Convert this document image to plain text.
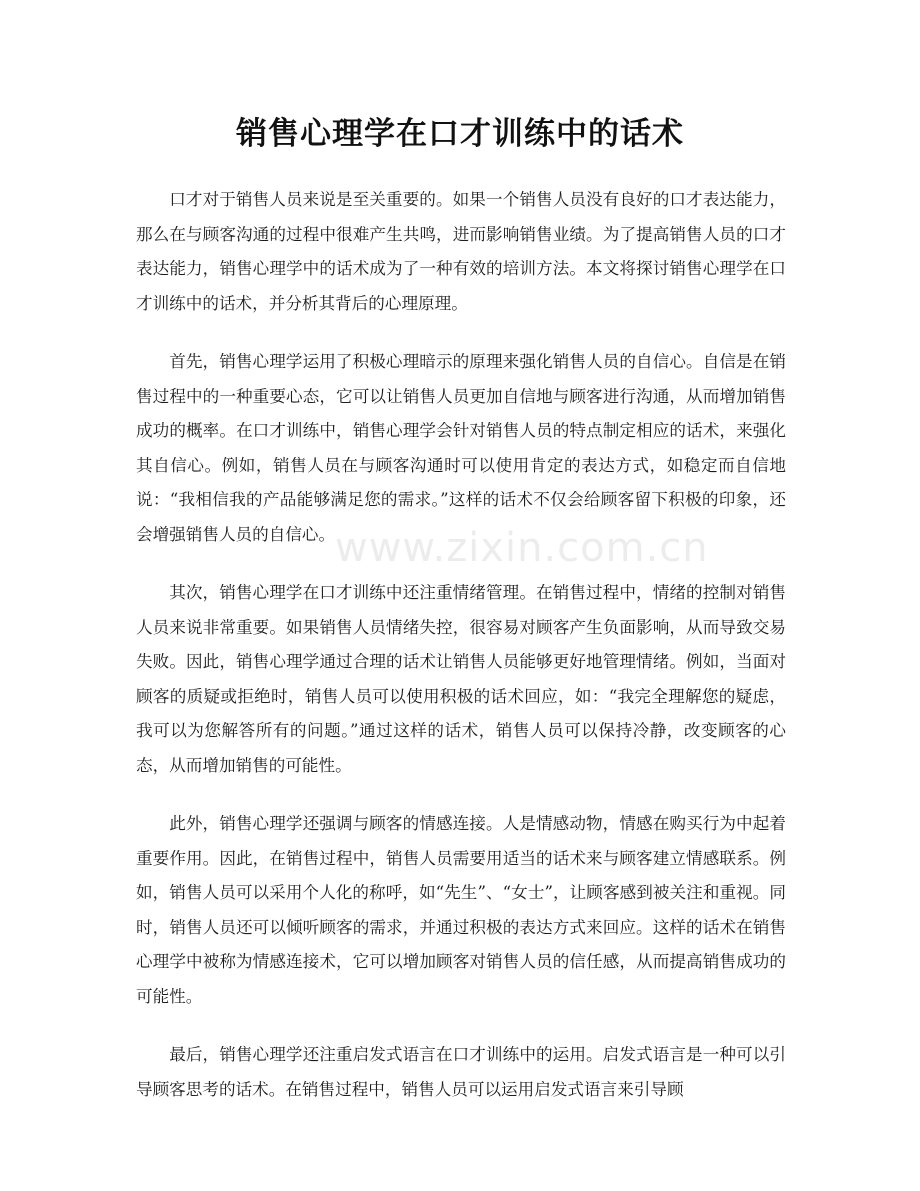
销售心理学在口才训练中的话术

口才对于销售人员来说是至关重要的。如果一个销售人员没有良好的口才表达能力，那么在与顾客沟通的过程中很难产生共鸣，进而影响销售业绩。为了提高销售人员的口才表达能力，销售心理学中的话术成为了一种有效的培训方法。本文将探讨销售心理学在口才训练中的话术，并分析其背后的心理原理。

首先，销售心理学运用了积极心理暗示的原理来强化销售人员的自信心。自信是在销售过程中的一种重要心态，它可以让销售人员更加自信地与顾客进行沟通，从而增加销售成功的概率。在口才训练中，销售心理学会针对销售人员的特点制定相应的话术，来强化其自信心。例如，销售人员在与顾客沟通时可以使用肯定的表达方式，如稳定而自信地说：“我相信我的产品能够满足您的需求。”这样的话术不仅会给顾客留下积极的印象，还会增强销售人员的自信心。

其次，销售心理学在口才训练中还注重情绪管理。在销售过程中，情绪的控制对销售人员来说非常重要。如果销售人员情绪失控，很容易对顾客产生负面影响，从而导致交易失败。因此，销售心理学通过合理的话术让销售人员能够更好地管理情绪。例如，当面对顾客的质疑或拒绝时，销售人员可以使用积极的话术回应，如：“我完全理解您的疑虑，我可以为您解答所有的问题。”通过这样的话术，销售人员可以保持冷静，改变顾客的心态，从而增加销售的可能性。

此外，销售心理学还强调与顾客的情感连接。人是情感动物，情感在购买行为中起着重要作用。因此，在销售过程中，销售人员需要用适当的话术来与顾客建立情感联系。例如，销售人员可以采用个人化的称呼，如“先生”、“女士”，让顾客感到被关注和重视。同时，销售人员还可以倾听顾客的需求，并通过积极的表达方式来回应。这样的话术在销售心理学中被称为情感连接术，它可以增加顾客对销售人员的信任感，从而提高销售成功的可能性。

最后，销售心理学还注重启发式语言在口才训练中的运用。启发式语言是一种可以引导顾客思考的话术。在销售过程中，销售人员可以运用启发式语言来引导顾

www.zixin.com.cn
